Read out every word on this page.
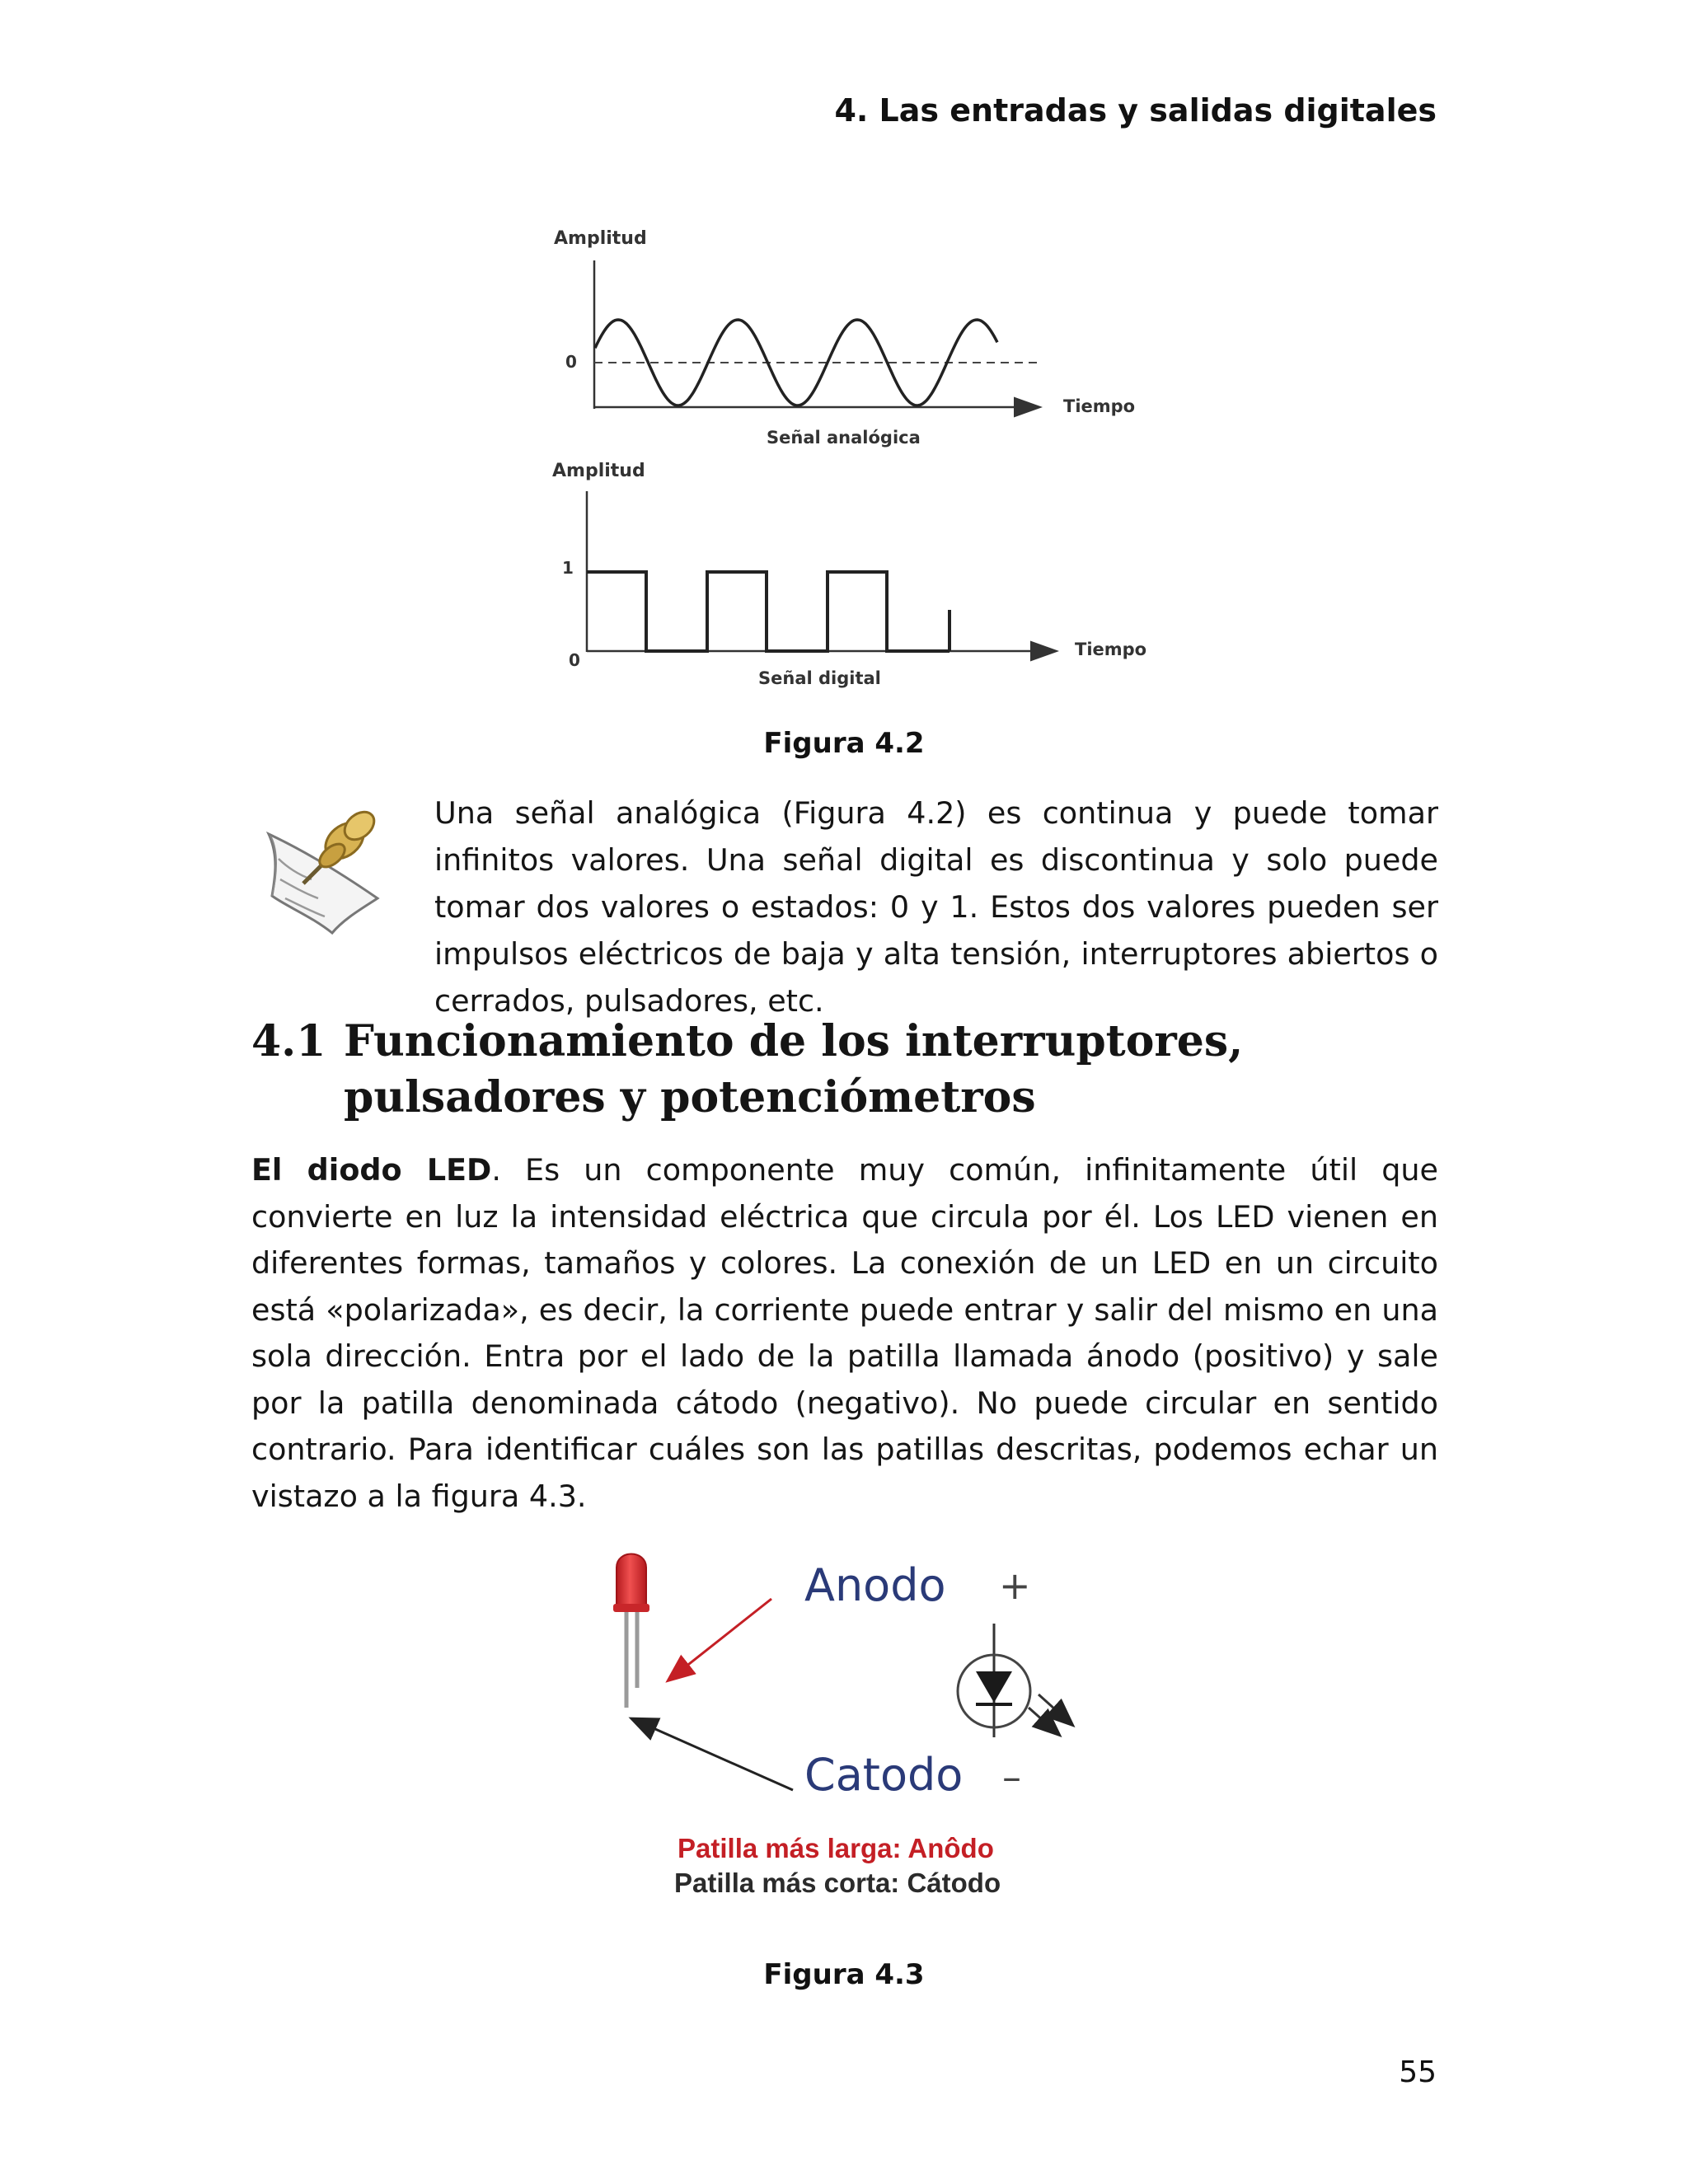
4. Las entradas y salidas digitales
Amplitud
0
Tiempo
Señal analógica
Amplitud
1
0
Tiempo
Señal digital
Figura 4.2
Una señal analógica (Figura 4.2) es continua y puede tomar infinitos valores. Una señal digital es discontinua y solo puede tomar dos valores o estados: 0 y 1. Estos dos valores pueden ser impulsos eléctricos de baja y alta tensión, interruptores abiertos o cerrados, pulsadores, etc.
4.1 Funcionamiento de los interruptores,
pulsadores y potenciómetros
El diodo LED. Es un componente muy común, infinitamente útil que convierte en luz la intensidad eléctrica que circula por él. Los LED vienen en diferentes formas, tamaños y colores. La conexión de un LED en un circuito está «polarizada», es decir, la corriente puede entrar y salir del mismo en una sola dirección. Entra por el lado de la patilla llamada ánodo (positivo) y sale por la patilla denominada cátodo (negativo). No puede circular en sentido contrario. Para identificar cuáles son las patillas descritas, podemos echar un vistazo a la figura 4.3.
Anodo +
Catodo –
Patilla más larga: Anôdo
Patilla más corta: Cátodo
Figura 4.3
55
